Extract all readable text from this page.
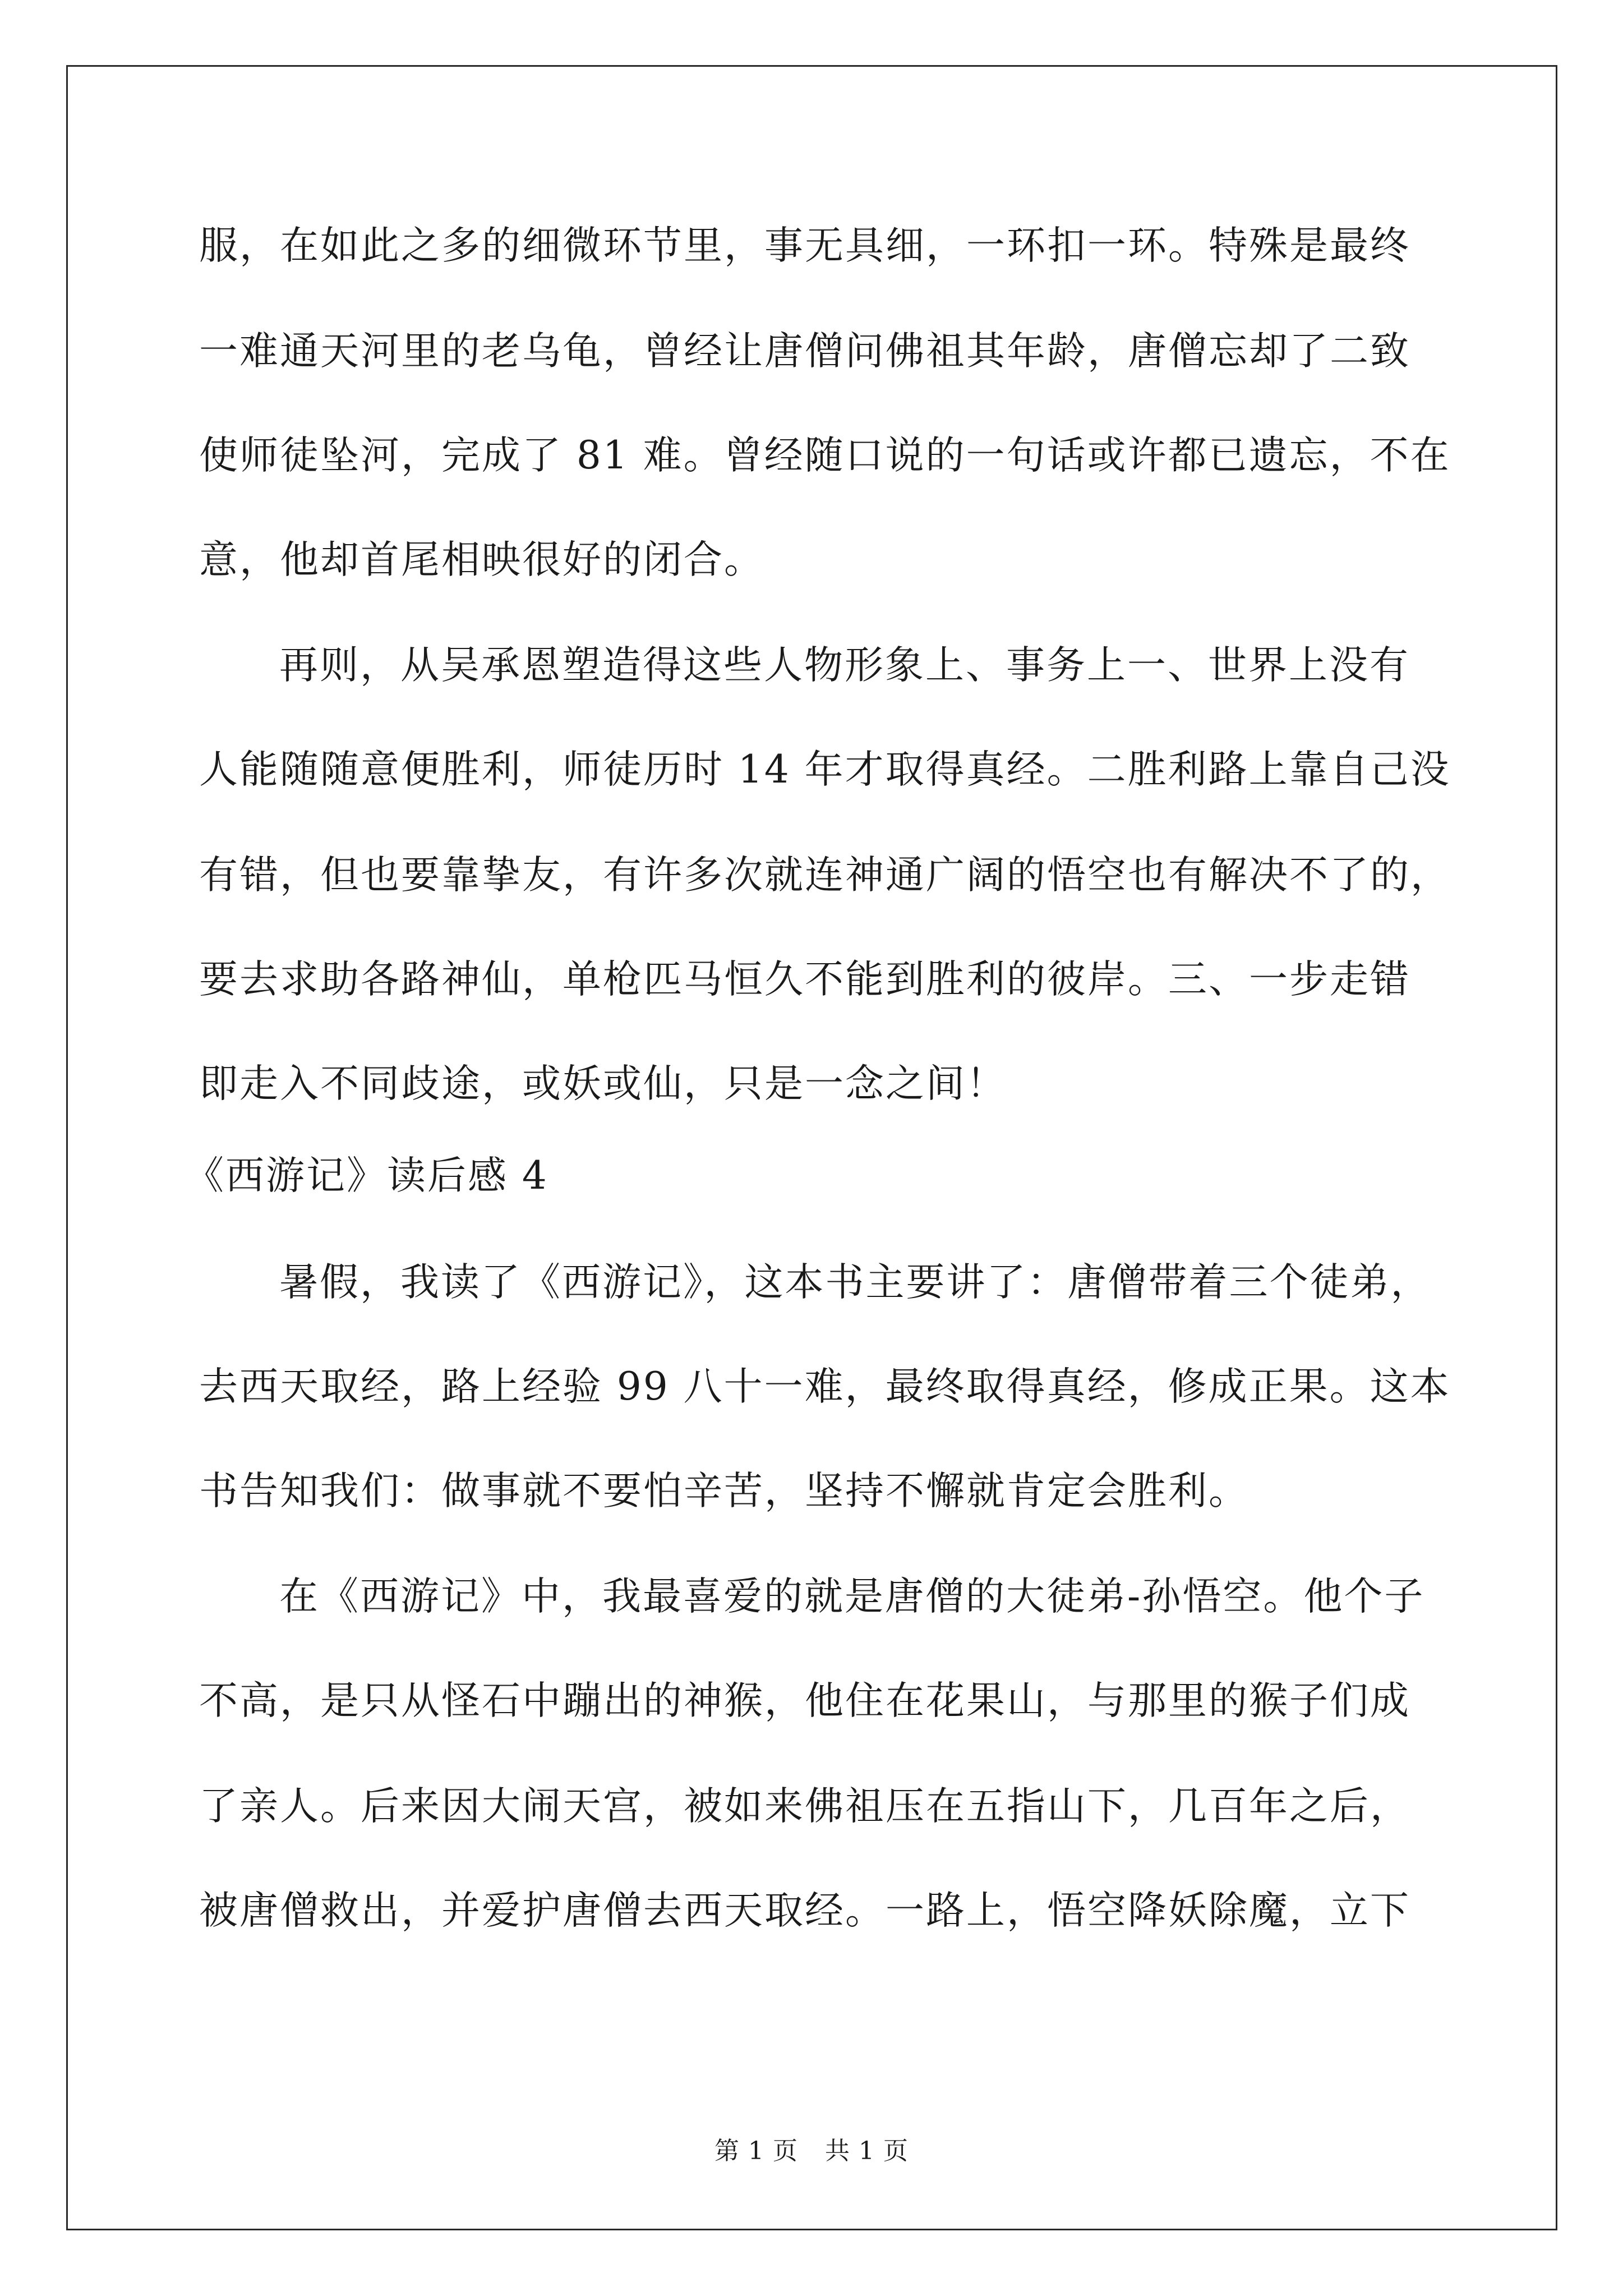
服，在如此之多的细微环节里，事无具细，一环扣一环。特殊是最终
一难通天河里的老乌龟，曾经让唐僧问佛祖其年龄，唐僧忘却了二致
使师徒坠河，完成了 81 难。曾经随口说的一句话或许都已遗忘，不在
意，他却首尾相映很好的闭合。
再则，从吴承恩塑造得这些人物形象上、事务上一、世界上没有
人能随随意便胜利，师徒历时 14 年才取得真经。二胜利路上靠自己没
有错，但也要靠挚友，有许多次就连神通广阔的悟空也有解决不了的，
要去求助各路神仙，单枪匹马恒久不能到胜利的彼岸。三、一步走错
即走入不同歧途，或妖或仙，只是一念之间！
《西游记》读后感 4
暑假，我读了《西游记》，这本书主要讲了：唐僧带着三个徒弟，
去西天取经，路上经验 99 八十一难，最终取得真经，修成正果。这本
书告知我们：做事就不要怕辛苦，坚持不懈就肯定会胜利。
在《西游记》中，我最喜爱的就是唐僧的大徒弟-孙悟空。他个子
不高，是只从怪石中蹦出的神猴，他住在花果山，与那里的猴子们成
了亲人。后来因大闹天宫，被如来佛祖压在五指山下，几百年之后，
被唐僧救出，并爱护唐僧去西天取经。一路上，悟空降妖除魔，立下
第 1 页 共 1 页
